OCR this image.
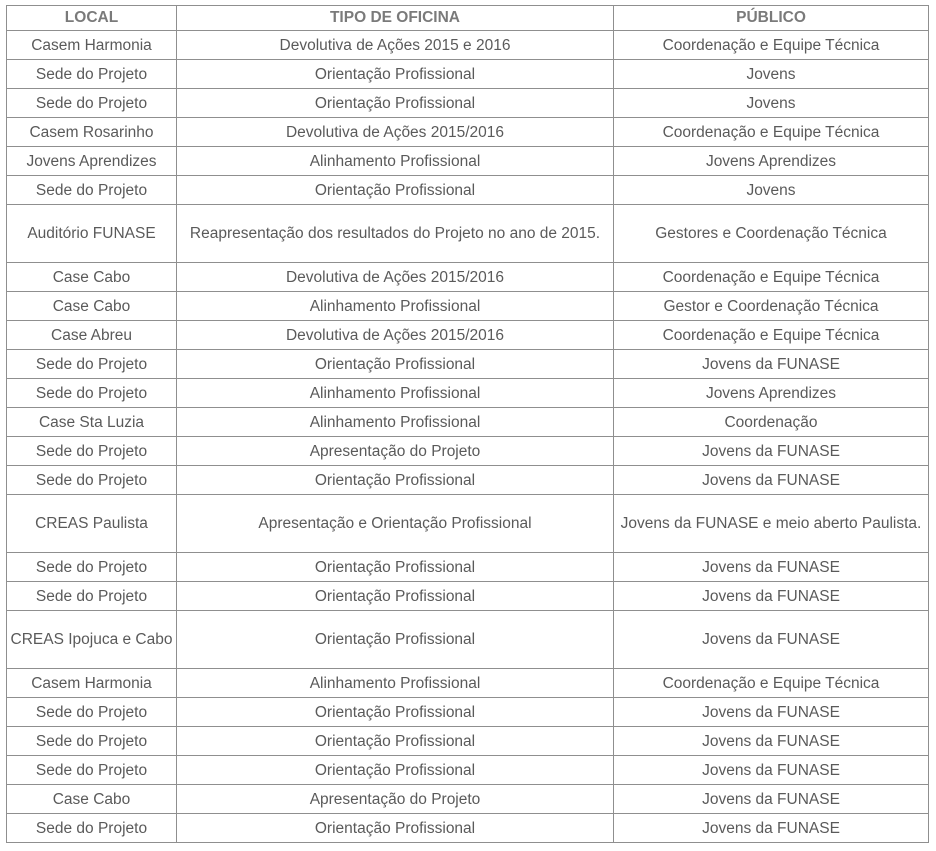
LOCAL	TIPO DE OFICINA	PÚBLICO
Casem Harmonia	Devolutiva de Ações 2015 e 2016	Coordenação e Equipe Técnica
Sede do Projeto	Orientação Profissional	Jovens
Sede do Projeto	Orientação Profissional	Jovens
Casem Rosarinho	Devolutiva de Ações 2015/2016	Coordenação e Equipe Técnica
Jovens Aprendizes	Alinhamento Profissional	Jovens Aprendizes
Sede do Projeto	Orientação Profissional	Jovens
Auditório FUNASE	Reapresentação dos resultados do Projeto no ano de 2015.	Gestores e Coordenação Técnica
Case Cabo	Devolutiva de Ações 2015/2016	Coordenação e Equipe Técnica
Case Cabo	Alinhamento Profissional	Gestor e Coordenação Técnica
Case Abreu	Devolutiva de Ações 2015/2016	Coordenação e Equipe Técnica
Sede do Projeto	Orientação Profissional	Jovens da FUNASE
Sede do Projeto	Alinhamento Profissional	Jovens Aprendizes
Case Sta Luzia	Alinhamento Profissional	Coordenação
Sede do Projeto	Apresentação do Projeto	Jovens da FUNASE
Sede do Projeto	Orientação Profissional	Jovens da FUNASE
CREAS Paulista	Apresentação e Orientação Profissional	Jovens da FUNASE e meio aberto Paulista.
Sede do Projeto	Orientação Profissional	Jovens da FUNASE
Sede do Projeto	Orientação Profissional	Jovens da FUNASE
CREAS Ipojuca e Cabo	Orientação Profissional	Jovens da FUNASE
Casem Harmonia	Alinhamento Profissional	Coordenação e Equipe Técnica
Sede do Projeto	Orientação Profissional	Jovens da FUNASE
Sede do Projeto	Orientação Profissional	Jovens da FUNASE
Sede do Projeto	Orientação Profissional	Jovens da FUNASE
Case Cabo	Apresentação do Projeto	Jovens da FUNASE
Sede do Projeto	Orientação Profissional	Jovens da FUNASE
